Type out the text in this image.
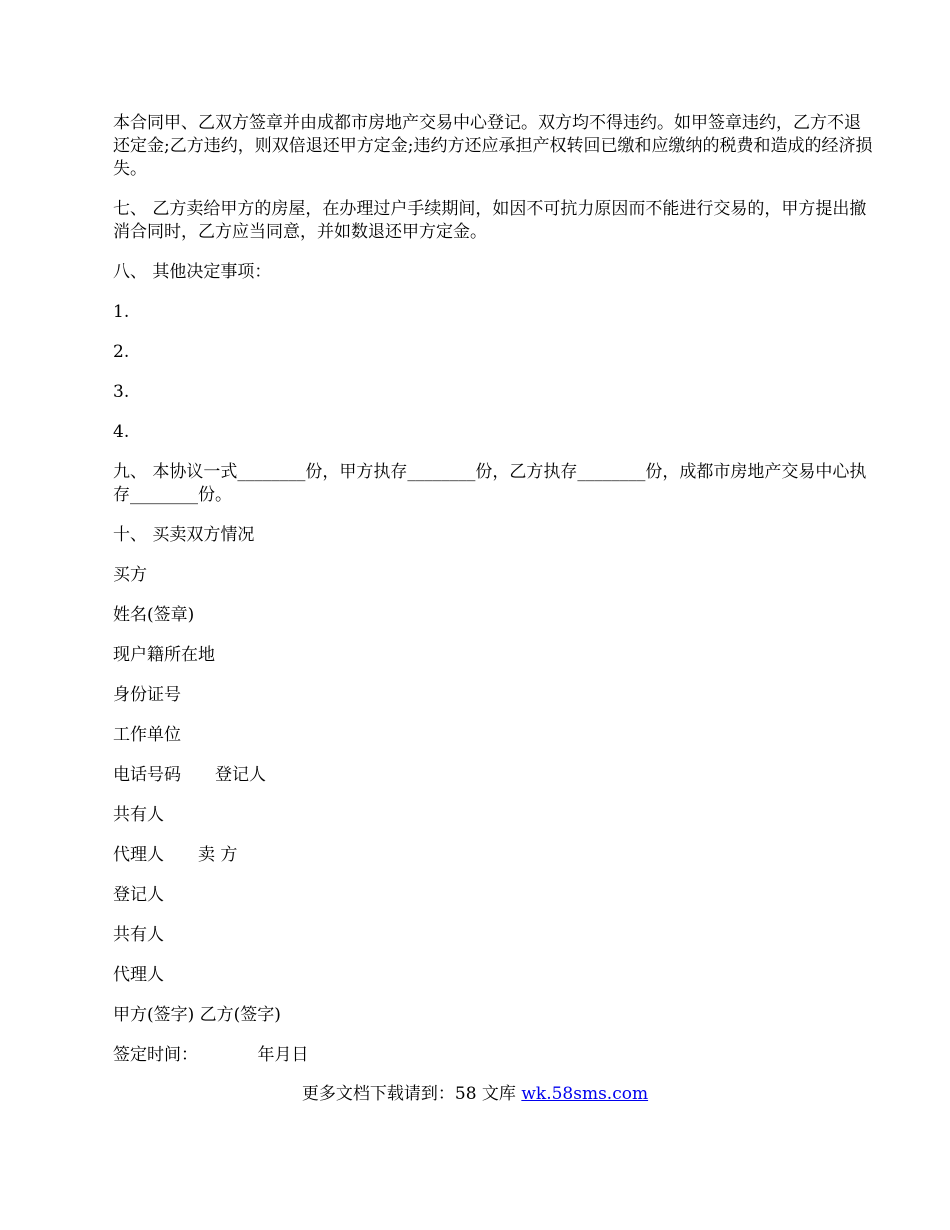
本合同甲、乙双方签章并由成都市房地产交易中心登记。双方均不得违约。如甲签章违约，乙方不退还定金;乙方违约，则双倍退还甲方定金;违约方还应承担产权转回已缴和应缴纳的税费和造成的经济损失。

七、 乙方卖给甲方的房屋，在办理过户手续期间，如因不可抗力原因而不能进行交易的，甲方提出撤消合同时，乙方应当同意，并如数退还甲方定金。

八、 其他决定事项：

1.

2.

3.

4.

九、 本协议一式________份，甲方执存________份，乙方执存________份，成都市房地产交易中心执存________份。

十、 买卖双方情况

买方

姓名(签章)

现户籍所在地

身份证号

工作单位

电话号码　　登记人

共有人

代理人　　卖 方

登记人

共有人

代理人

甲方(签字) 乙方(签字)

签定时间：　　　　年月日

更多文档下载请到：58 文库 wk.58sms.com
